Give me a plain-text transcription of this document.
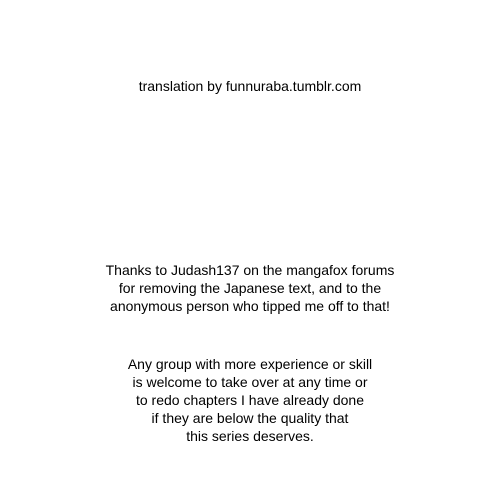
translation by funnuraba.tumblr.com
Thanks to Judash137 on the mangafox forums
for removing the Japanese text, and to the
anonymous person who tipped me off to that!
Any group with more experience or skill
is welcome to take over at any time or
to redo chapters I have already done
if they are below the quality that
this series deserves.
